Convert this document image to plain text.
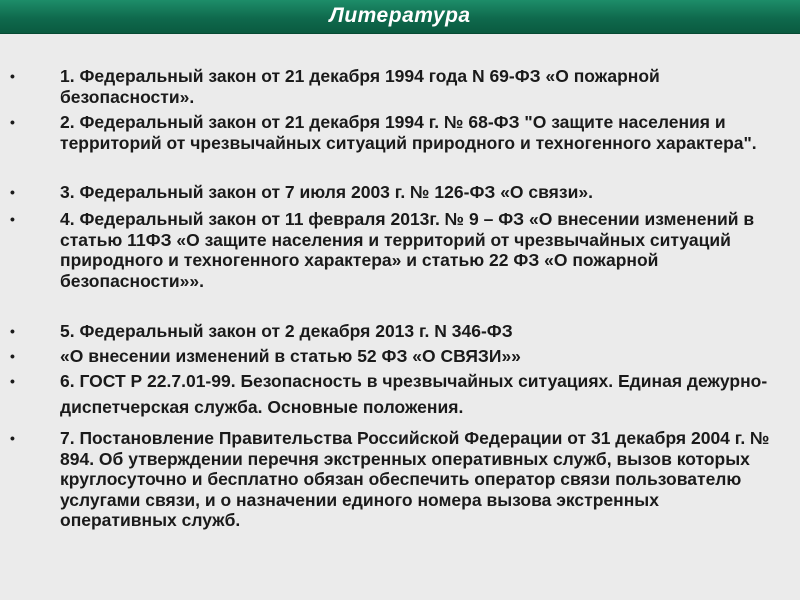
Литература
•	1. Федеральный закон от 21 декабря 1994 года N 69-ФЗ «О пожарной безопасности».
•	2. Федеральный закон от 21 декабря 1994 г. № 68-ФЗ "О защите населения и территорий от чрезвычайных ситуаций природного и техногенного характера".
•	3. Федеральный закон от 7 июля 2003 г. № 126-ФЗ «О связи».
•	4. Федеральный закон от 11 февраля 2013г. № 9 – ФЗ «О внесении изменений в статью 11ФЗ «О защите населения и территорий от чрезвычайных ситуаций природного и техногенного характера» и статью 22 ФЗ «О пожарной безопасности»».
•	5. Федеральный закон от 2 декабря 2013 г. N 346-ФЗ
•	«О внесении изменений в статью 52 ФЗ «О СВЯЗИ»»
•	6. ГОСТ Р 22.7.01-99. Безопасность в чрезвычайных ситуациях. Единая дежурно-диспетчерская служба. Основные положения.
•	7. Постановление Правительства Российской Федерации от 31 декабря 2004 г. № 894. Об утверждении перечня экстренных оперативных служб, вызов которых круглосуточно и бесплатно обязан обеспечить оператор связи пользователю услугами связи, и о назначении единого номера вызова экстренных оперативных служб.
